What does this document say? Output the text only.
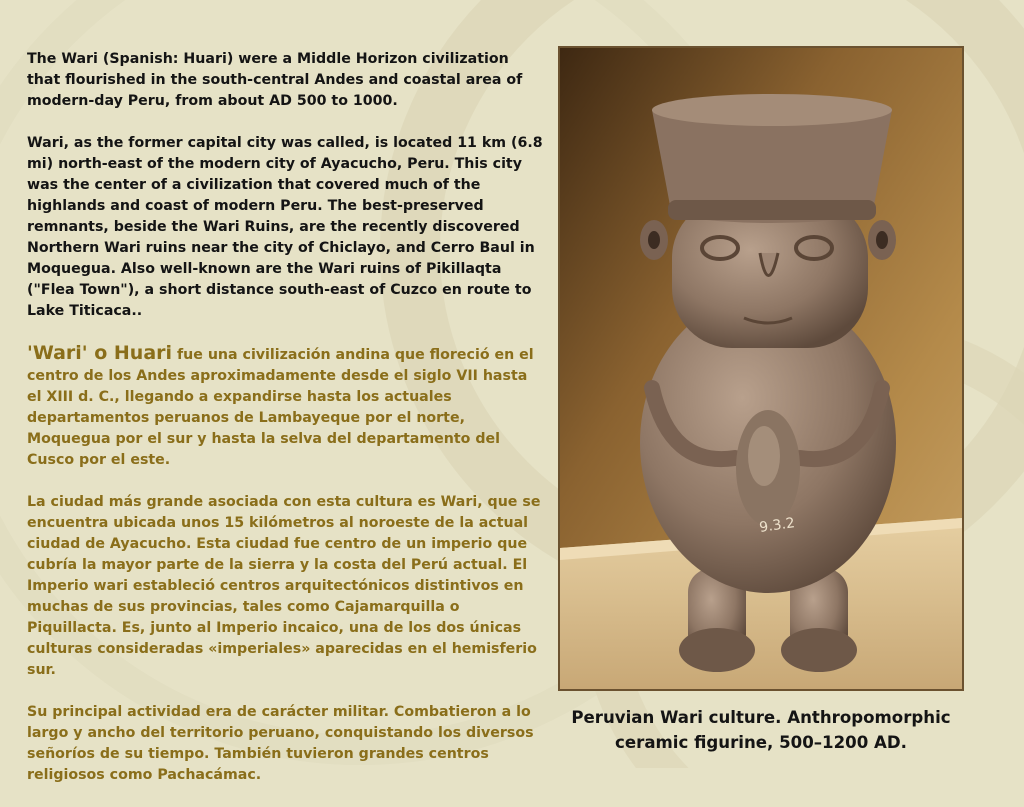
The Wari (Spanish: Huari) were a Middle Horizon civilization that flourished in the south-central Andes and coastal area of modern-day Peru, from about AD 500 to 1000.

Wari, as the former capital city was called, is located 11 km (6.8 mi) north-east of the modern city of Ayacucho, Peru. This city was the center of a civilization that covered much of the highlands and coast of modern Peru. The best-preserved remnants, beside the Wari Ruins, are the recently discovered Northern Wari ruins near the city of Chiclayo, and Cerro Baul in Moquegua. Also well-known are the Wari ruins of Pikillaqta ("Flea Town"), a short distance south-east of Cuzco en route to Lake Titicaca..

'Wari' o Huari fue una civilización andina que floreció en el centro de los Andes aproximadamente desde el siglo VII hasta el XIII d. C., llegando a expandirse hasta los actuales departamentos peruanos de Lambayeque por el norte, Moquegua por el sur y hasta la selva del departamento del Cusco por el este.

La ciudad más grande asociada con esta cultura es Wari, que se encuentra ubicada unos 15 kilómetros al noroeste de la actual ciudad de Ayacucho. Esta ciudad fue centro de un imperio que cubría la mayor parte de la sierra y la costa del Perú actual. El Imperio wari estableció centros arquitectónicos distintivos en muchas de sus provincias, tales como Cajamarquilla o Piquillacta. Es, junto al Imperio incaico, una de los dos únicas culturas consideradas «imperiales» aparecidas en el hemisferio sur.

Su principal actividad era de carácter militar. Combatieron a lo largo y ancho del territorio peruano, conquistando los diversos señoríos de su tiempo. También tuvieron grandes centros religiosos como Pachacámac.

9.3.2
Peruvian Wari culture. Anthropomorphic
ceramic figurine, 500–1200 AD.
